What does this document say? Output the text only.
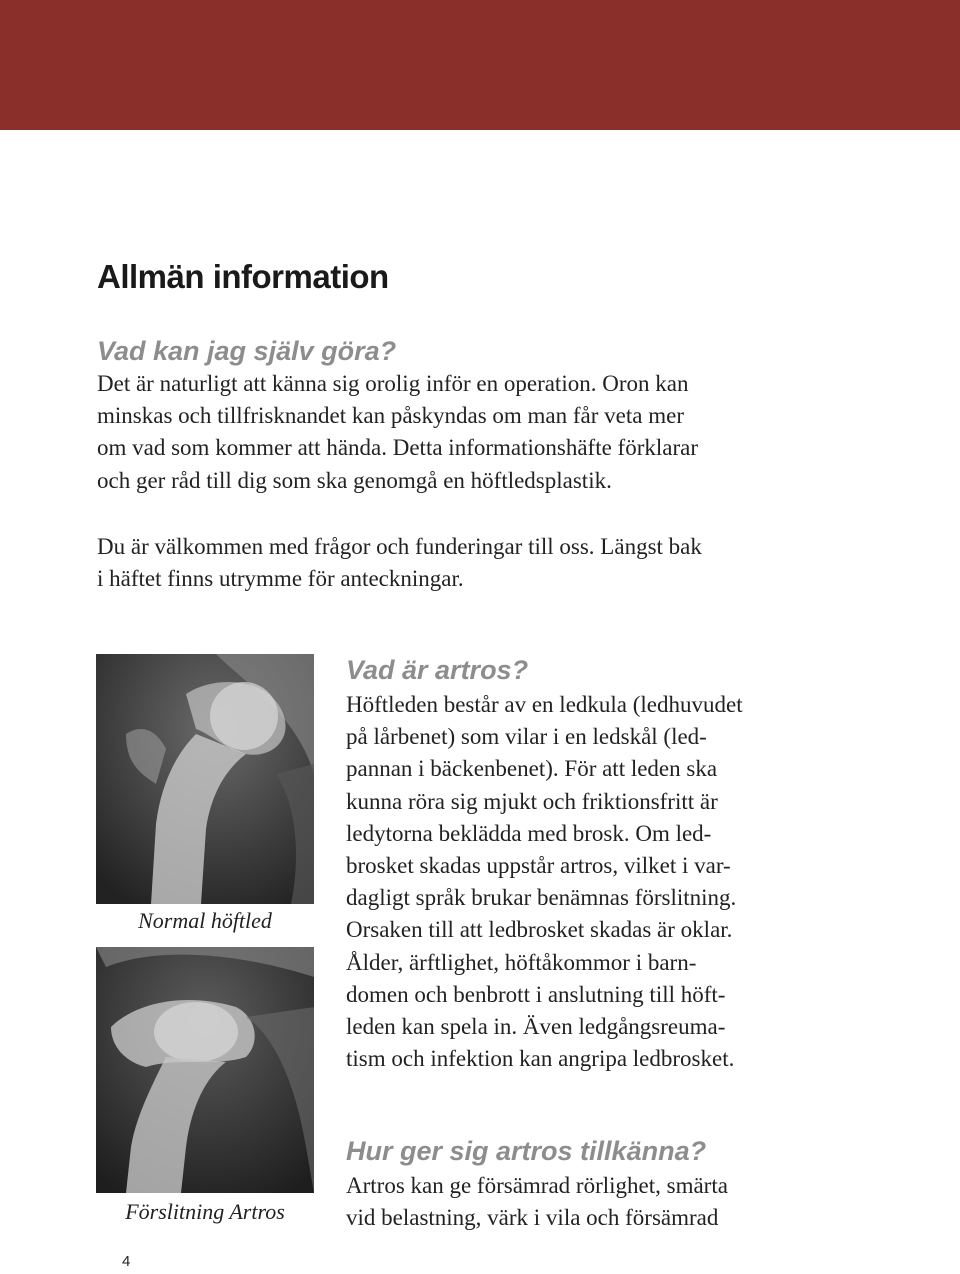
Allmän information
Vad kan jag själv göra?
Det är naturligt att känna sig orolig inför en operation. Oron kan
minskas och tillfrisknandet kan påskyndas om man får veta mer
om vad som kommer att hända. Detta informationshäfte förklarar
och ger råd till dig som ska genomgå en höftledsplastik.
Du är välkommen med frågor och funderingar till oss. Längst bak
i häftet finns utrymme för anteckningar.
Normal höftled
Förslitning Artros
Vad är artros?
Höftleden består av en ledkula (ledhuvudet
på lårbenet) som vilar i en ledskål (led-
pannan i bäckenbenet). För att leden ska
kunna röra sig mjukt och friktionsfritt är
ledytorna beklädda med brosk. Om led-
brosket skadas uppstår artros, vilket i var-
dagligt språk brukar benämnas förslitning.
Orsaken till att ledbrosket skadas är oklar.
Ålder, ärftlighet, höftåkommor i barn-
domen och benbrott i anslutning till höft-
leden kan spela in. Även ledgångsreuma-
tism och infektion kan angripa ledbrosket.
Hur ger sig artros tillkänna?
Artros kan ge försämrad rörlighet, smärta
vid belastning, värk i vila och försämrad
4
